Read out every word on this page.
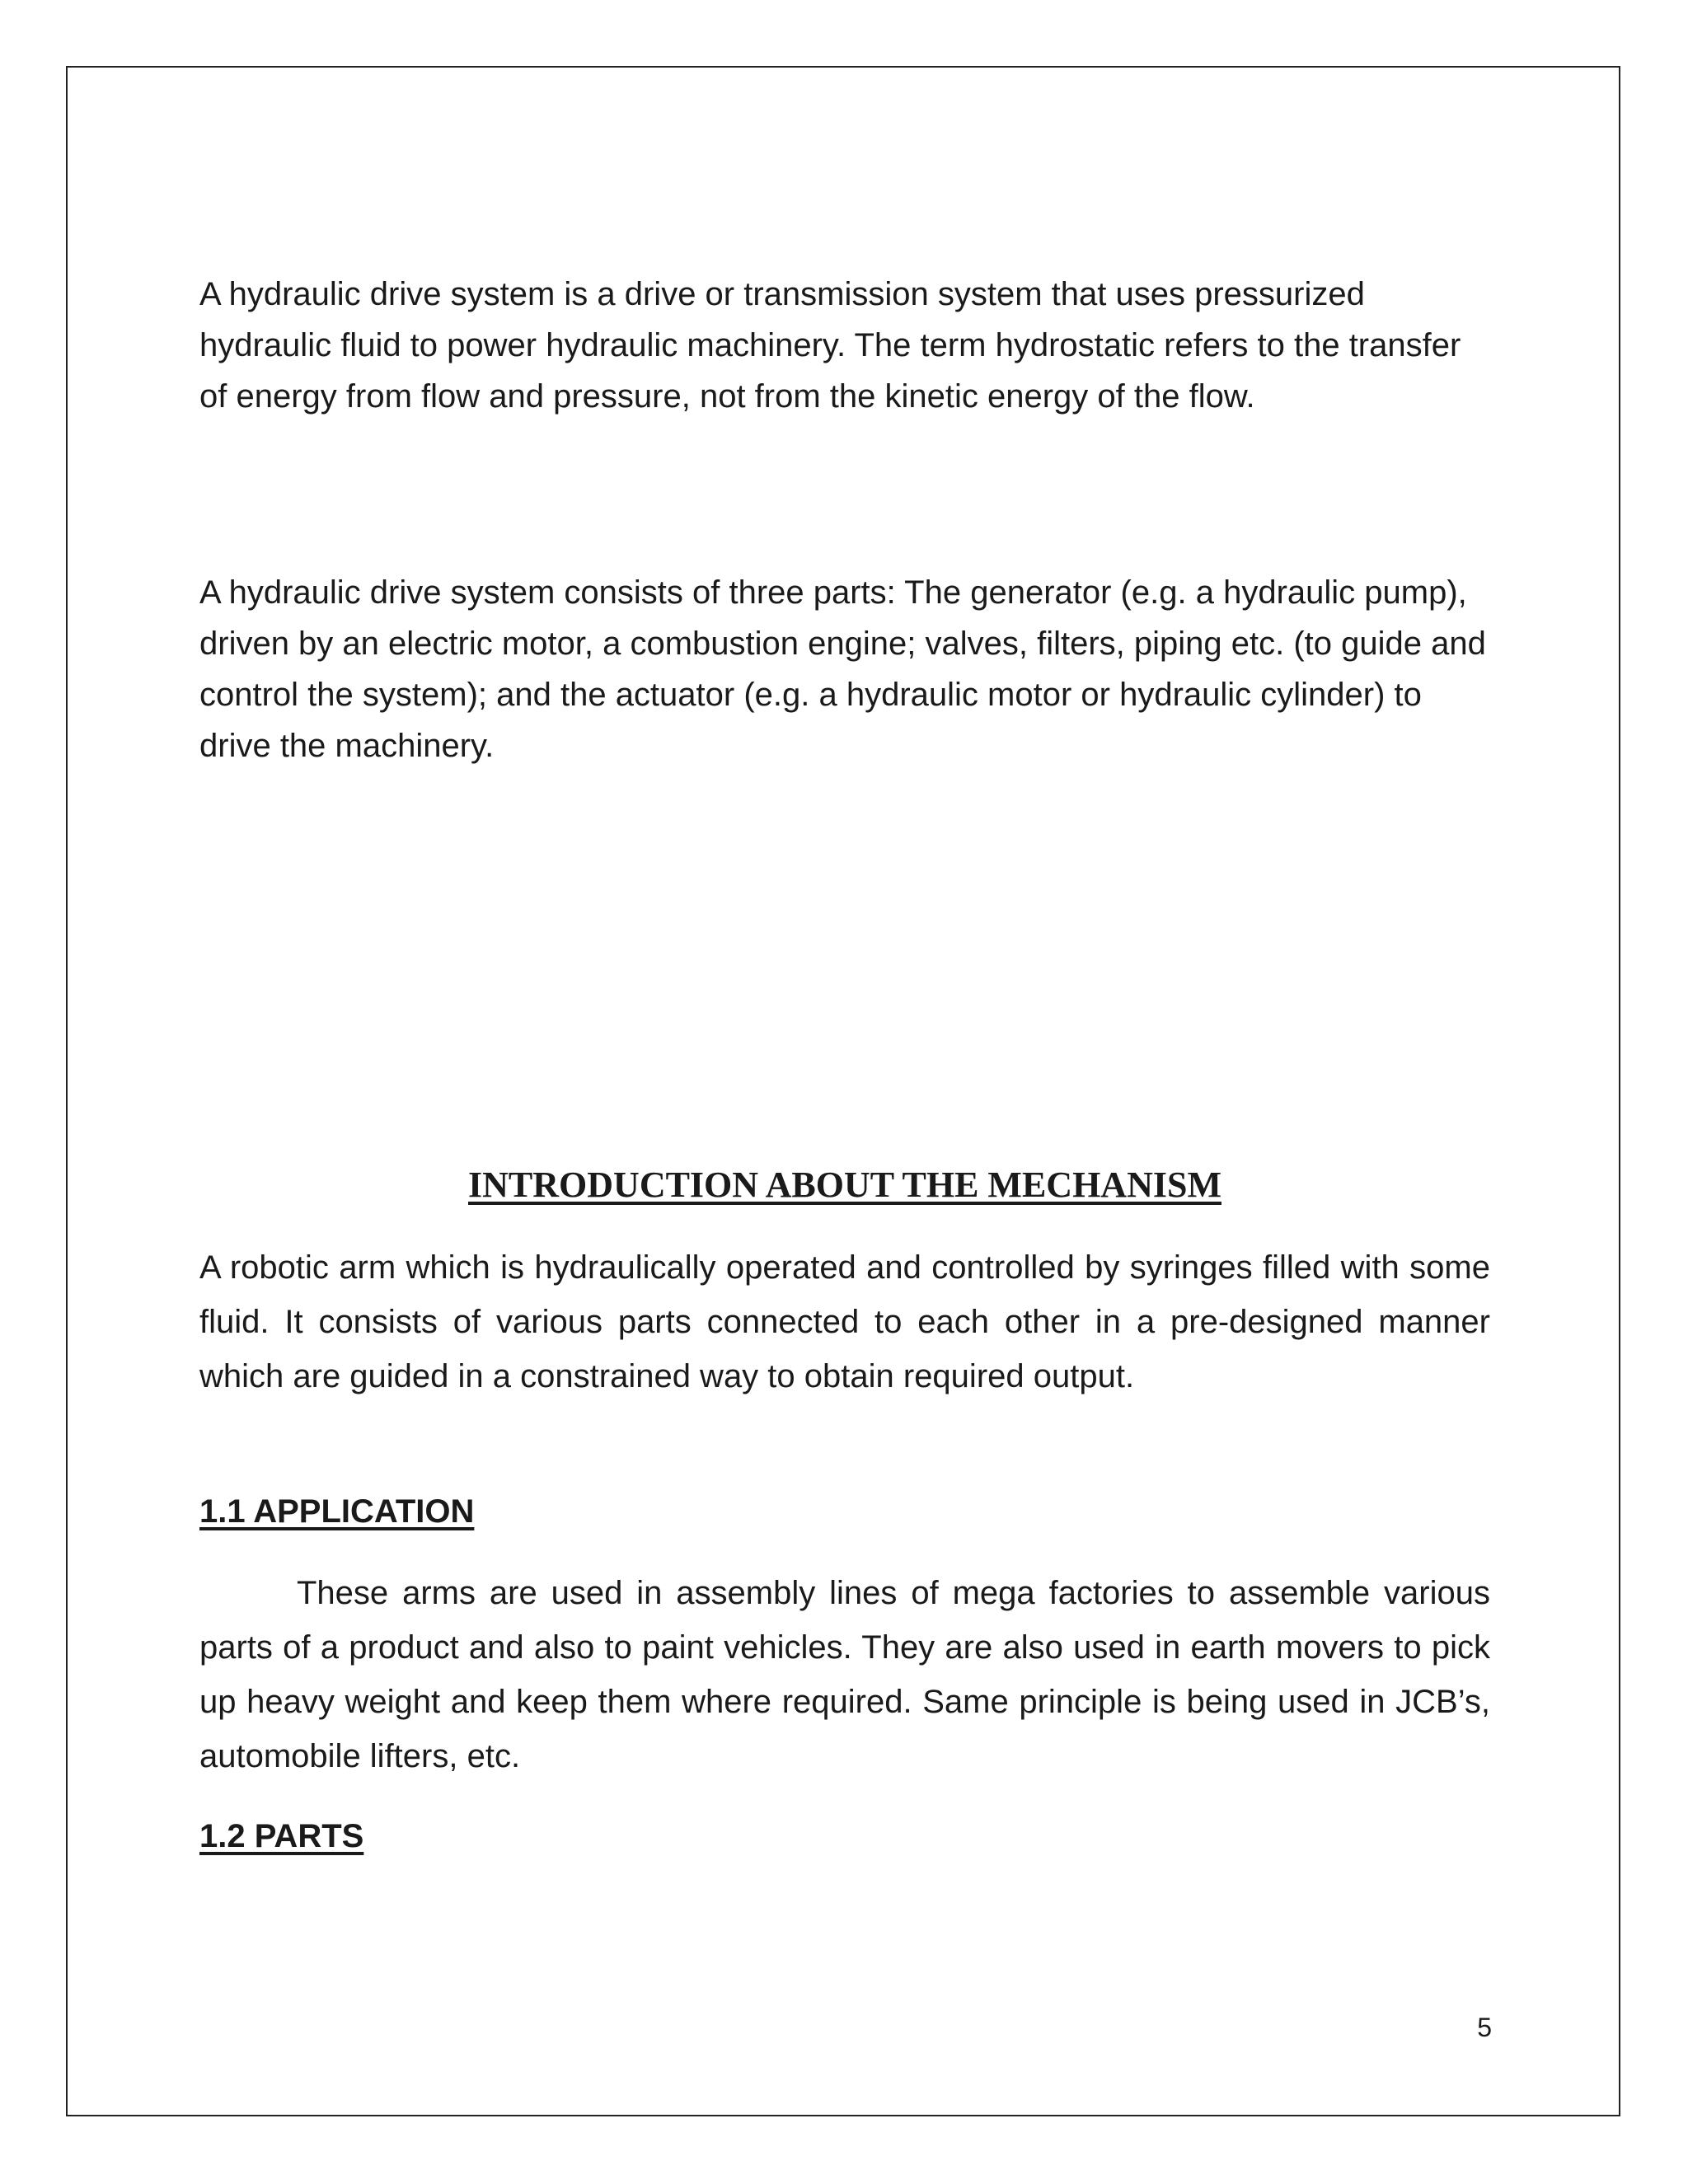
A hydraulic drive system is a drive or transmission system that uses pressurized hydraulic fluid to power hydraulic machinery. The term hydrostatic refers to the transfer of energy from flow and pressure, not from the kinetic energy of the flow.

A hydraulic drive system consists of three parts: The generator (e.g. a hydraulic pump), driven by an electric motor, a combustion engine; valves, filters, piping etc. (to guide and control the system); and the actuator (e.g. a hydraulic motor or hydraulic cylinder) to drive the machinery.

INTRODUCTION ABOUT THE MECHANISM

A robotic arm which is hydraulically operated and controlled by syringes filled with some fluid. It consists of various parts connected to each other in a pre-designed manner which are guided in a constrained way to obtain required output.

1.1 APPLICATION

These arms are used in assembly lines of mega factories to assemble various parts of a product and also to paint vehicles. They are also used in earth movers to pick up heavy weight and keep them where required. Same principle is being used in JCB’s, automobile lifters, etc.

1.2 PARTS
5
